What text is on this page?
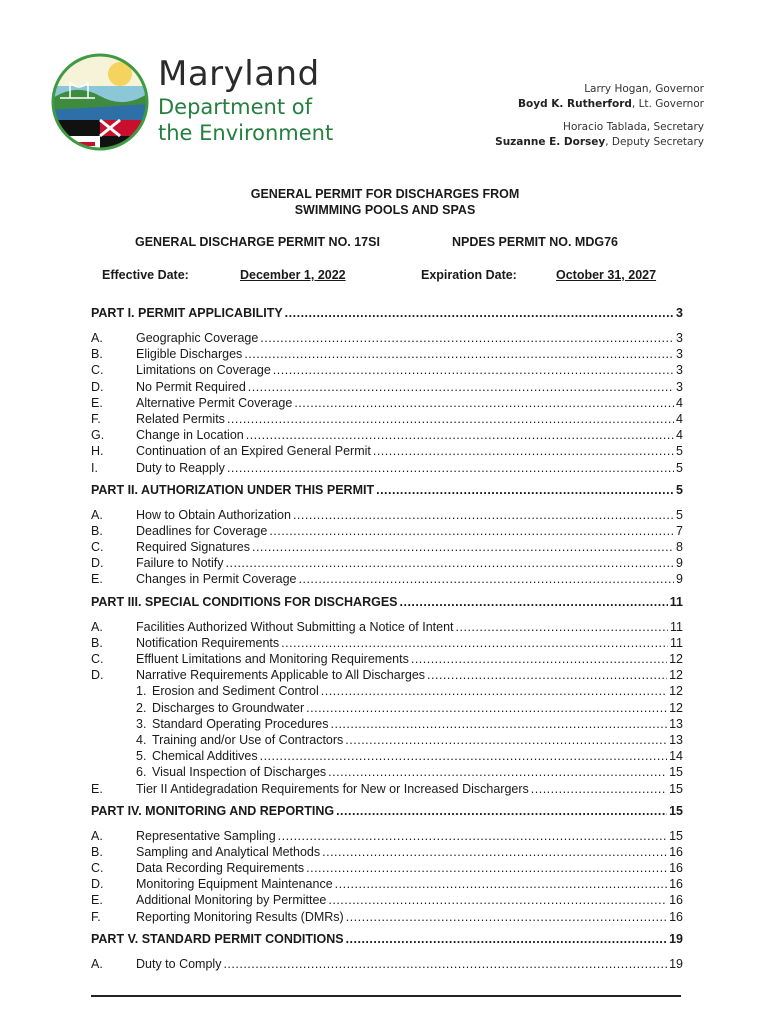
Maryland
Department of
the Environment
Larry Hogan, Governor
Boyd K. Rutherford, Lt. Governor
Horacio Tablada, Secretary
Suzanne E. Dorsey, Deputy Secretary
GENERAL PERMIT FOR DISCHARGES FROM
SWIMMING POOLS AND SPAS
GENERAL DISCHARGE PERMIT NO. 17SI	NPDES PERMIT NO. MDG76
Effective Date:	December 1, 2022	Expiration Date:	October 31, 2027
PART I. PERMIT APPLICABILITY .....	3
A.	Geographic Coverage .....	3
B.	Eligible Discharges .....	3
C.	Limitations on Coverage .....	3
D.	No Permit Required .....	3
E.	Alternative Permit Coverage .....	4
F.	Related Permits .....	4
G.	Change in Location .....	4
H.	Continuation of an Expired General Permit .....	5
I.	Duty to Reapply .....	5
PART II. AUTHORIZATION UNDER THIS PERMIT .....	5
A.	How to Obtain Authorization .....	5
B.	Deadlines for Coverage .....	7
C.	Required Signatures .....	8
D.	Failure to Notify .....	9
E.	Changes in Permit Coverage .....	9
PART III. SPECIAL CONDITIONS FOR DISCHARGES .....	11
A.	Facilities Authorized Without Submitting a Notice of Intent .....	11
B.	Notification Requirements .....	11
C.	Effluent Limitations and Monitoring Requirements .....	12
D.	Narrative Requirements Applicable to All Discharges .....	12
1. Erosion and Sediment Control .....	12
2. Discharges to Groundwater .....	12
3. Standard Operating Procedures .....	13
4. Training and/or Use of Contractors .....	13
5. Chemical Additives .....	14
6. Visual Inspection of Discharges .....	15
E.	Tier II Antidegradation Requirements for New or Increased Dischargers .....	15
PART IV. MONITORING AND REPORTING .....	15
A.	Representative Sampling .....	15
B.	Sampling and Analytical Methods .....	16
C.	Data Recording Requirements .....	16
D.	Monitoring Equipment Maintenance .....	16
E.	Additional Monitoring by Permittee .....	16
F.	Reporting Monitoring Results (DMRs) .....	16
PART V. STANDARD PERMIT CONDITIONS .....	19
A.	Duty to Comply .....	19
